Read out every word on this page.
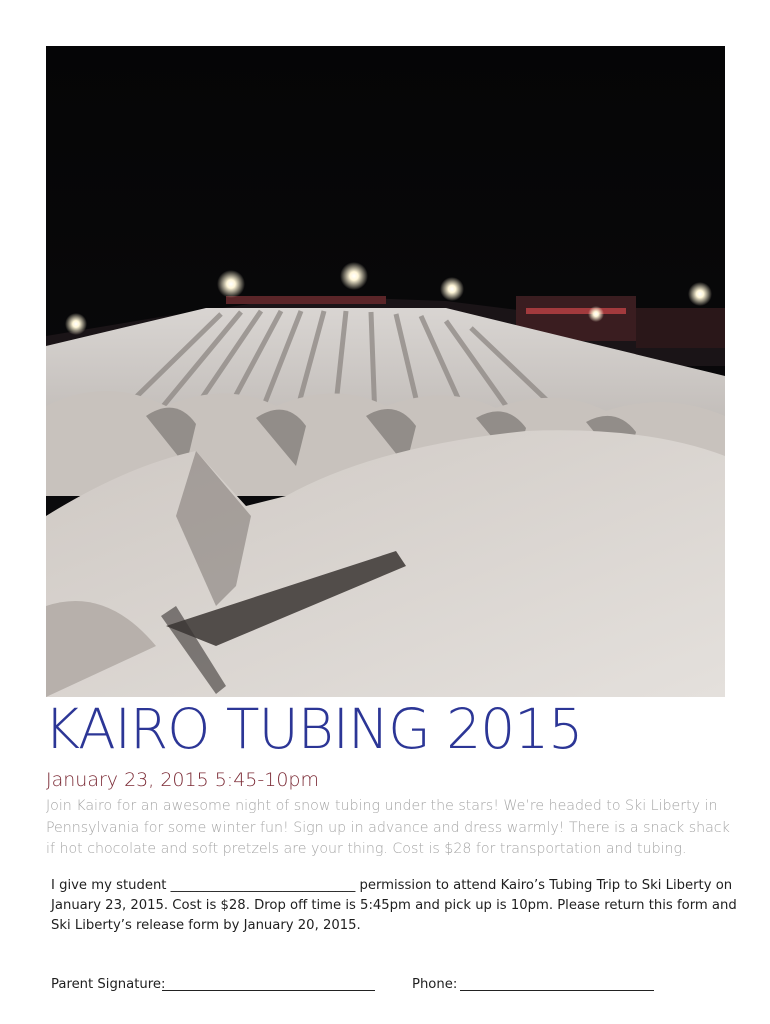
KAIRO TUBING 2015
January 23, 2015 5:45-10pm

Join Kairo for an awesome night of snow tubing under the stars! We’re headed to Ski Liberty in Pennsylvania for some winter fun! Sign up in advance and dress warmly! There is a snack shack if hot chocolate and soft pretzels are your thing. Cost is $28 for transportation and tubing.

I give my student ____________________________ permission to attend Kairo’s Tubing Trip to Ski Liberty on January 23, 2015. Cost is $28. Drop off time is 5:45pm and pick up is 10pm. Please return this form and Ski Liberty’s release form by January 20, 2015.

Parent Signature:	Phone:
